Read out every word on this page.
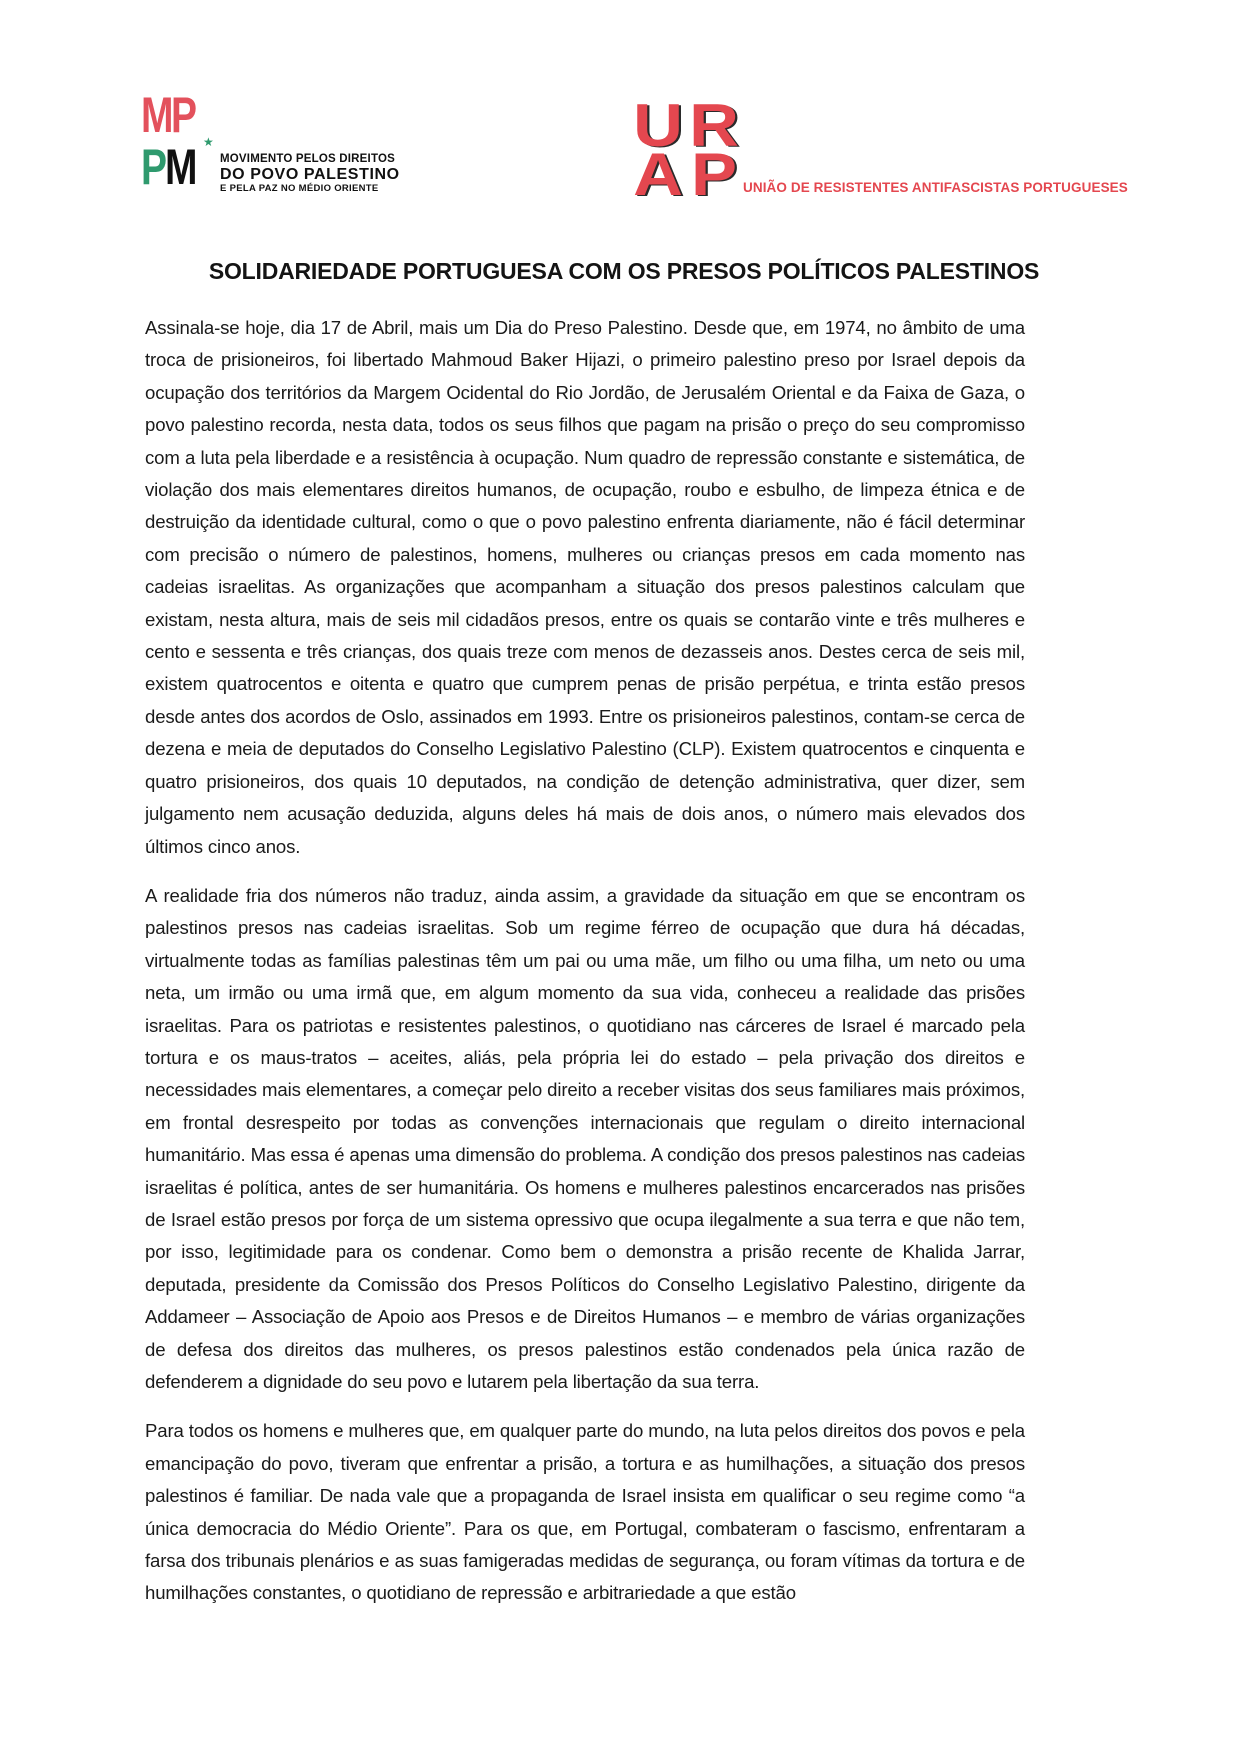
M P ★
P M MOVIMENTO PELOS DIREITOS
DO POVO PALESTINO
E PELA PAZ NO MÉDIO ORIENTE
U R
A P UNIÃO DE RESISTENTES ANTIFASCISTAS PORTUGUESES
SOLIDARIEDADE PORTUGUESA COM OS PRESOS POLÍTICOS PALESTINOS

Assinala-se hoje, dia 17 de Abril, mais um Dia do Preso Palestino. Desde que, em 1974, no âmbito de uma troca de prisioneiros, foi libertado Mahmoud Baker Hijazi, o primeiro palestino preso por Israel depois da ocupação dos territórios da Margem Ocidental do Rio Jordão, de Jerusalém Oriental e da Faixa de Gaza, o povo palestino recorda, nesta data, todos os seus filhos que pagam na prisão o preço do seu compromisso com a luta pela liberdade e a resistência à ocupação. Num quadro de repressão constante e sistemática, de violação dos mais elementares direitos humanos, de ocupação, roubo e esbulho, de limpeza étnica e de destruição da identidade cultural, como o que o povo palestino enfrenta diariamente, não é fácil determinar com precisão o número de palestinos, homens, mulheres ou crianças presos em cada momento nas cadeias israelitas. As organizações que acompanham a situação dos presos palestinos calculam que existam, nesta altura, mais de seis mil cidadãos presos, entre os quais se contarão vinte e três mulheres e cento e sessenta e três crianças, dos quais treze com menos de dezasseis anos. Destes cerca de seis mil, existem quatrocentos e oitenta e quatro que cumprem penas de prisão perpétua, e trinta estão presos desde antes dos acordos de Oslo, assinados em 1993. Entre os prisioneiros palestinos, contam-se cerca de dezena e meia de deputados do Conselho Legislativo Palestino (CLP). Existem quatrocentos e cinquenta e quatro prisioneiros, dos quais 10 deputados, na condição de detenção administrativa, quer dizer, sem julgamento nem acusação deduzida, alguns deles há mais de dois anos, o número mais elevados dos últimos cinco anos.

A realidade fria dos números não traduz, ainda assim, a gravidade da situação em que se encontram os palestinos presos nas cadeias israelitas. Sob um regime férreo de ocupação que dura há décadas, virtualmente todas as famílias palestinas têm um pai ou uma mãe, um filho ou uma filha, um neto ou uma neta, um irmão ou uma irmã que, em algum momento da sua vida, conheceu a realidade das prisões israelitas. Para os patriotas e resistentes palestinos, o quotidiano nas cárceres de Israel é marcado pela tortura e os maus-tratos – aceites, aliás, pela própria lei do estado – pela privação dos direitos e necessidades mais elementares, a começar pelo direito a receber visitas dos seus familiares mais próximos, em frontal desrespeito por todas as convenções internacionais que regulam o direito internacional humanitário. Mas essa é apenas uma dimensão do problema. A condição dos presos palestinos nas cadeias israelitas é política, antes de ser humanitária. Os homens e mulheres palestinos encarcerados nas prisões de Israel estão presos por força de um sistema opressivo que ocupa ilegalmente a sua terra e que não tem, por isso, legitimidade para os condenar. Como bem o demonstra a prisão recente de Khalida Jarrar, deputada, presidente da Comissão dos Presos Políticos do Conselho Legislativo Palestino, dirigente da Addameer – Associação de Apoio aos Presos e de Direitos Humanos – e membro de várias organizações de defesa dos direitos das mulheres, os presos palestinos estão condenados pela única razão de defenderem a dignidade do seu povo e lutarem pela libertação da sua terra.

Para todos os homens e mulheres que, em qualquer parte do mundo, na luta pelos direitos dos povos e pela emancipação do povo, tiveram que enfrentar a prisão, a tortura e as humilhações, a situação dos presos palestinos é familiar. De nada vale que a propaganda de Israel insista em qualificar o seu regime como “a única democracia do Médio Oriente”. Para os que, em Portugal, combateram o fascismo, enfrentaram a farsa dos tribunais plenários e as suas famigeradas medidas de segurança, ou foram vítimas da tortura e de humilhações constantes, o quotidiano de repressão e arbitrariedade a que estão
